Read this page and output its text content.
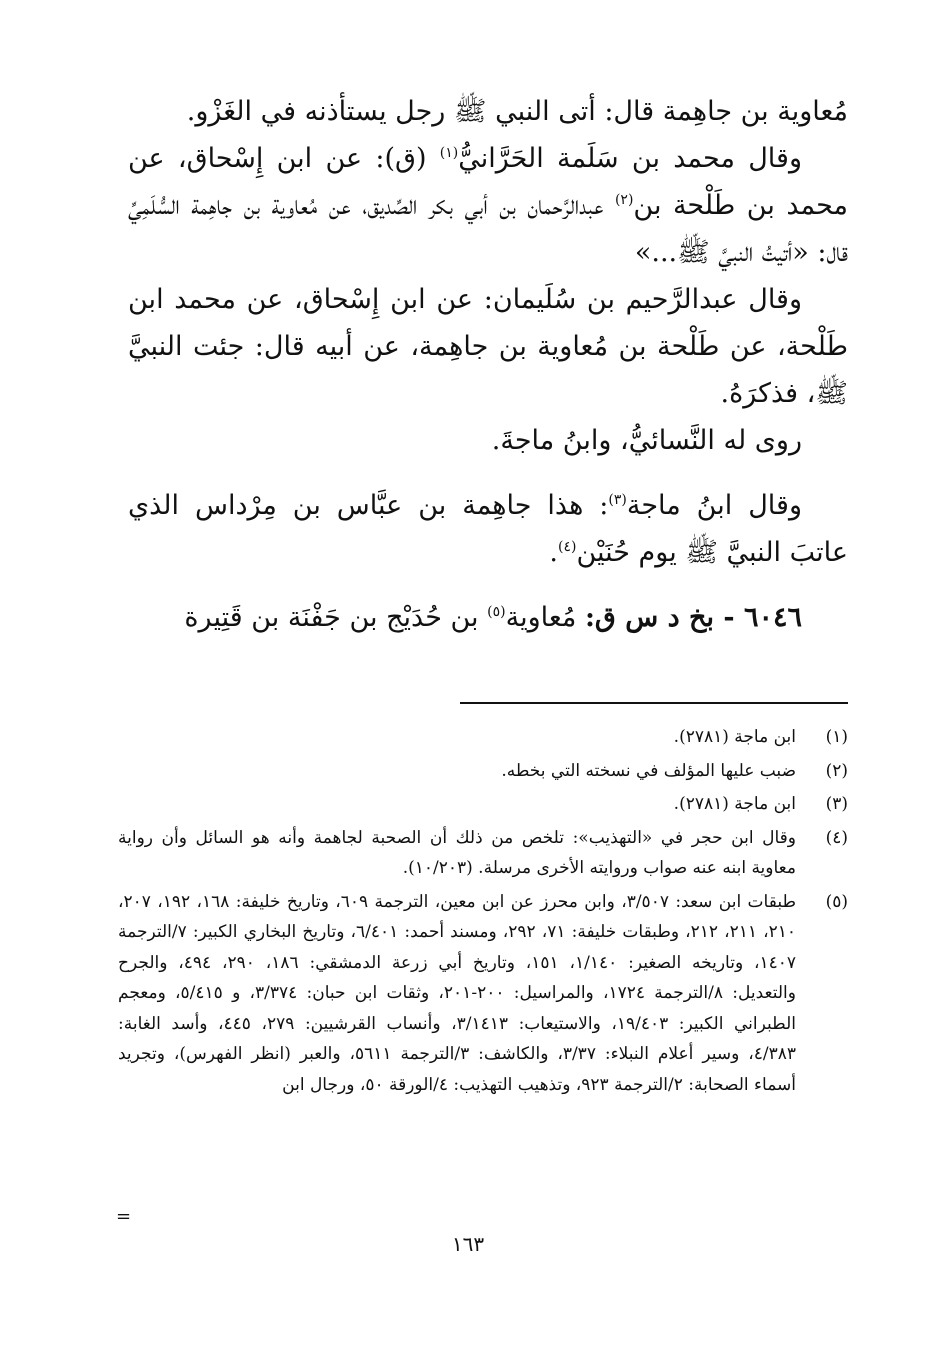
مُعاوية بن جاهِمة قال: أتى النبي ﷺ رجل يستأذنه في الغَزْو.

وقال محمد بن سَلَمة الحَرَّانيُّ$^{(١)}$ (ق): عن ابن إِسْحاق، عن محمد بن طَلْحة بن$^{(٢)}$ عبدالرَّحمان بن أبي بكر الصِّديق، عن مُعاوية بن جاهِمة السُّلَمِيِّ قال: «أتيتُ النبيَّ ﷺ...»

وقال عبدالرَّحيم بن سُلَيمان: عن ابن إِسْحاق، عن محمد ابن طَلْحة، عن طَلْحة بن مُعاوية بن جاهِمة، عن أبيه قال: جئت النبيَّ ﷺ، فذكرَهُ.

روى له النَّسائيُّ، وابنُ ماجةَ.

وقال ابنُ ماجة$^{(٣)}$: هذا جاهِمة بن عبَّاس بن مِرْداس الذي عاتبَ النبيَّ ﷺ يوم حُنَيْن$^{(٤)}$.

٦٠٤٦ - بخ د س ق: مُعاوية$^{(٥)}$ بن حُدَيْج بن جَفْنَة بن قَتِيرة

(١)
ابن ماجة (٢٧٨١).
(٢)
ضبب عليها المؤلف في نسخته التي بخطه.
(٣)
ابن ماجة (٢٧٨١).
(٤)
وقال ابن حجر في «التهذيب»: تلخص من ذلك أن الصحبة لجاهمة وأنه هو السائل وأن رواية معاوية ابنه عنه صواب وروايته الأخرى مرسلة. (١٠/٢٠٣).
(٥)
طبقات ابن سعد: ٣/٥٠٧، وابن محرز عن ابن معين، الترجمة ٦٠٩، وتاريخ خليفة: ١٦٨، ١٩٢، ٢٠٧، ٢١٠، ٢١١، ٢١٢، وطبقات خليفة: ٧١، ٢٩٢، ومسند أحمد: ٦/٤٠١، وتاريخ البخاري الكبير: ٧/الترجمة ١٤٠٧، وتاريخه الصغير: ١/١٤٠، ١٥١، وتاريخ أبي زرعة الدمشقي: ١٨٦، ٢٩٠، ٤٩٤، والجرح والتعديل: ٨/الترجمة ١٧٢٤، والمراسيل: ٢٠٠-٢٠١، وثقات ابن حبان: ٣/٣٧٤، و ٥/٤١٥، ومعجم الطبراني الكبير: ١٩/٤٠٣، والاستيعاب: ٣/١٤١٣، وأنساب القرشيين: ٢٧٩، ٤٤٥، وأسد الغابة: ٤/٣٨٣، وسير أعلام النبلاء: ٣/٣٧، والكاشف: ٣/الترجمة ٥٦١١، والعبر (انظر الفهرس)، وتجريد أسماء الصحابة: ٢/الترجمة ٩٢٣، وتذهيب التهذيب: ٤/الورقة ٥٠، ورجال ابن
=
١٦٣
